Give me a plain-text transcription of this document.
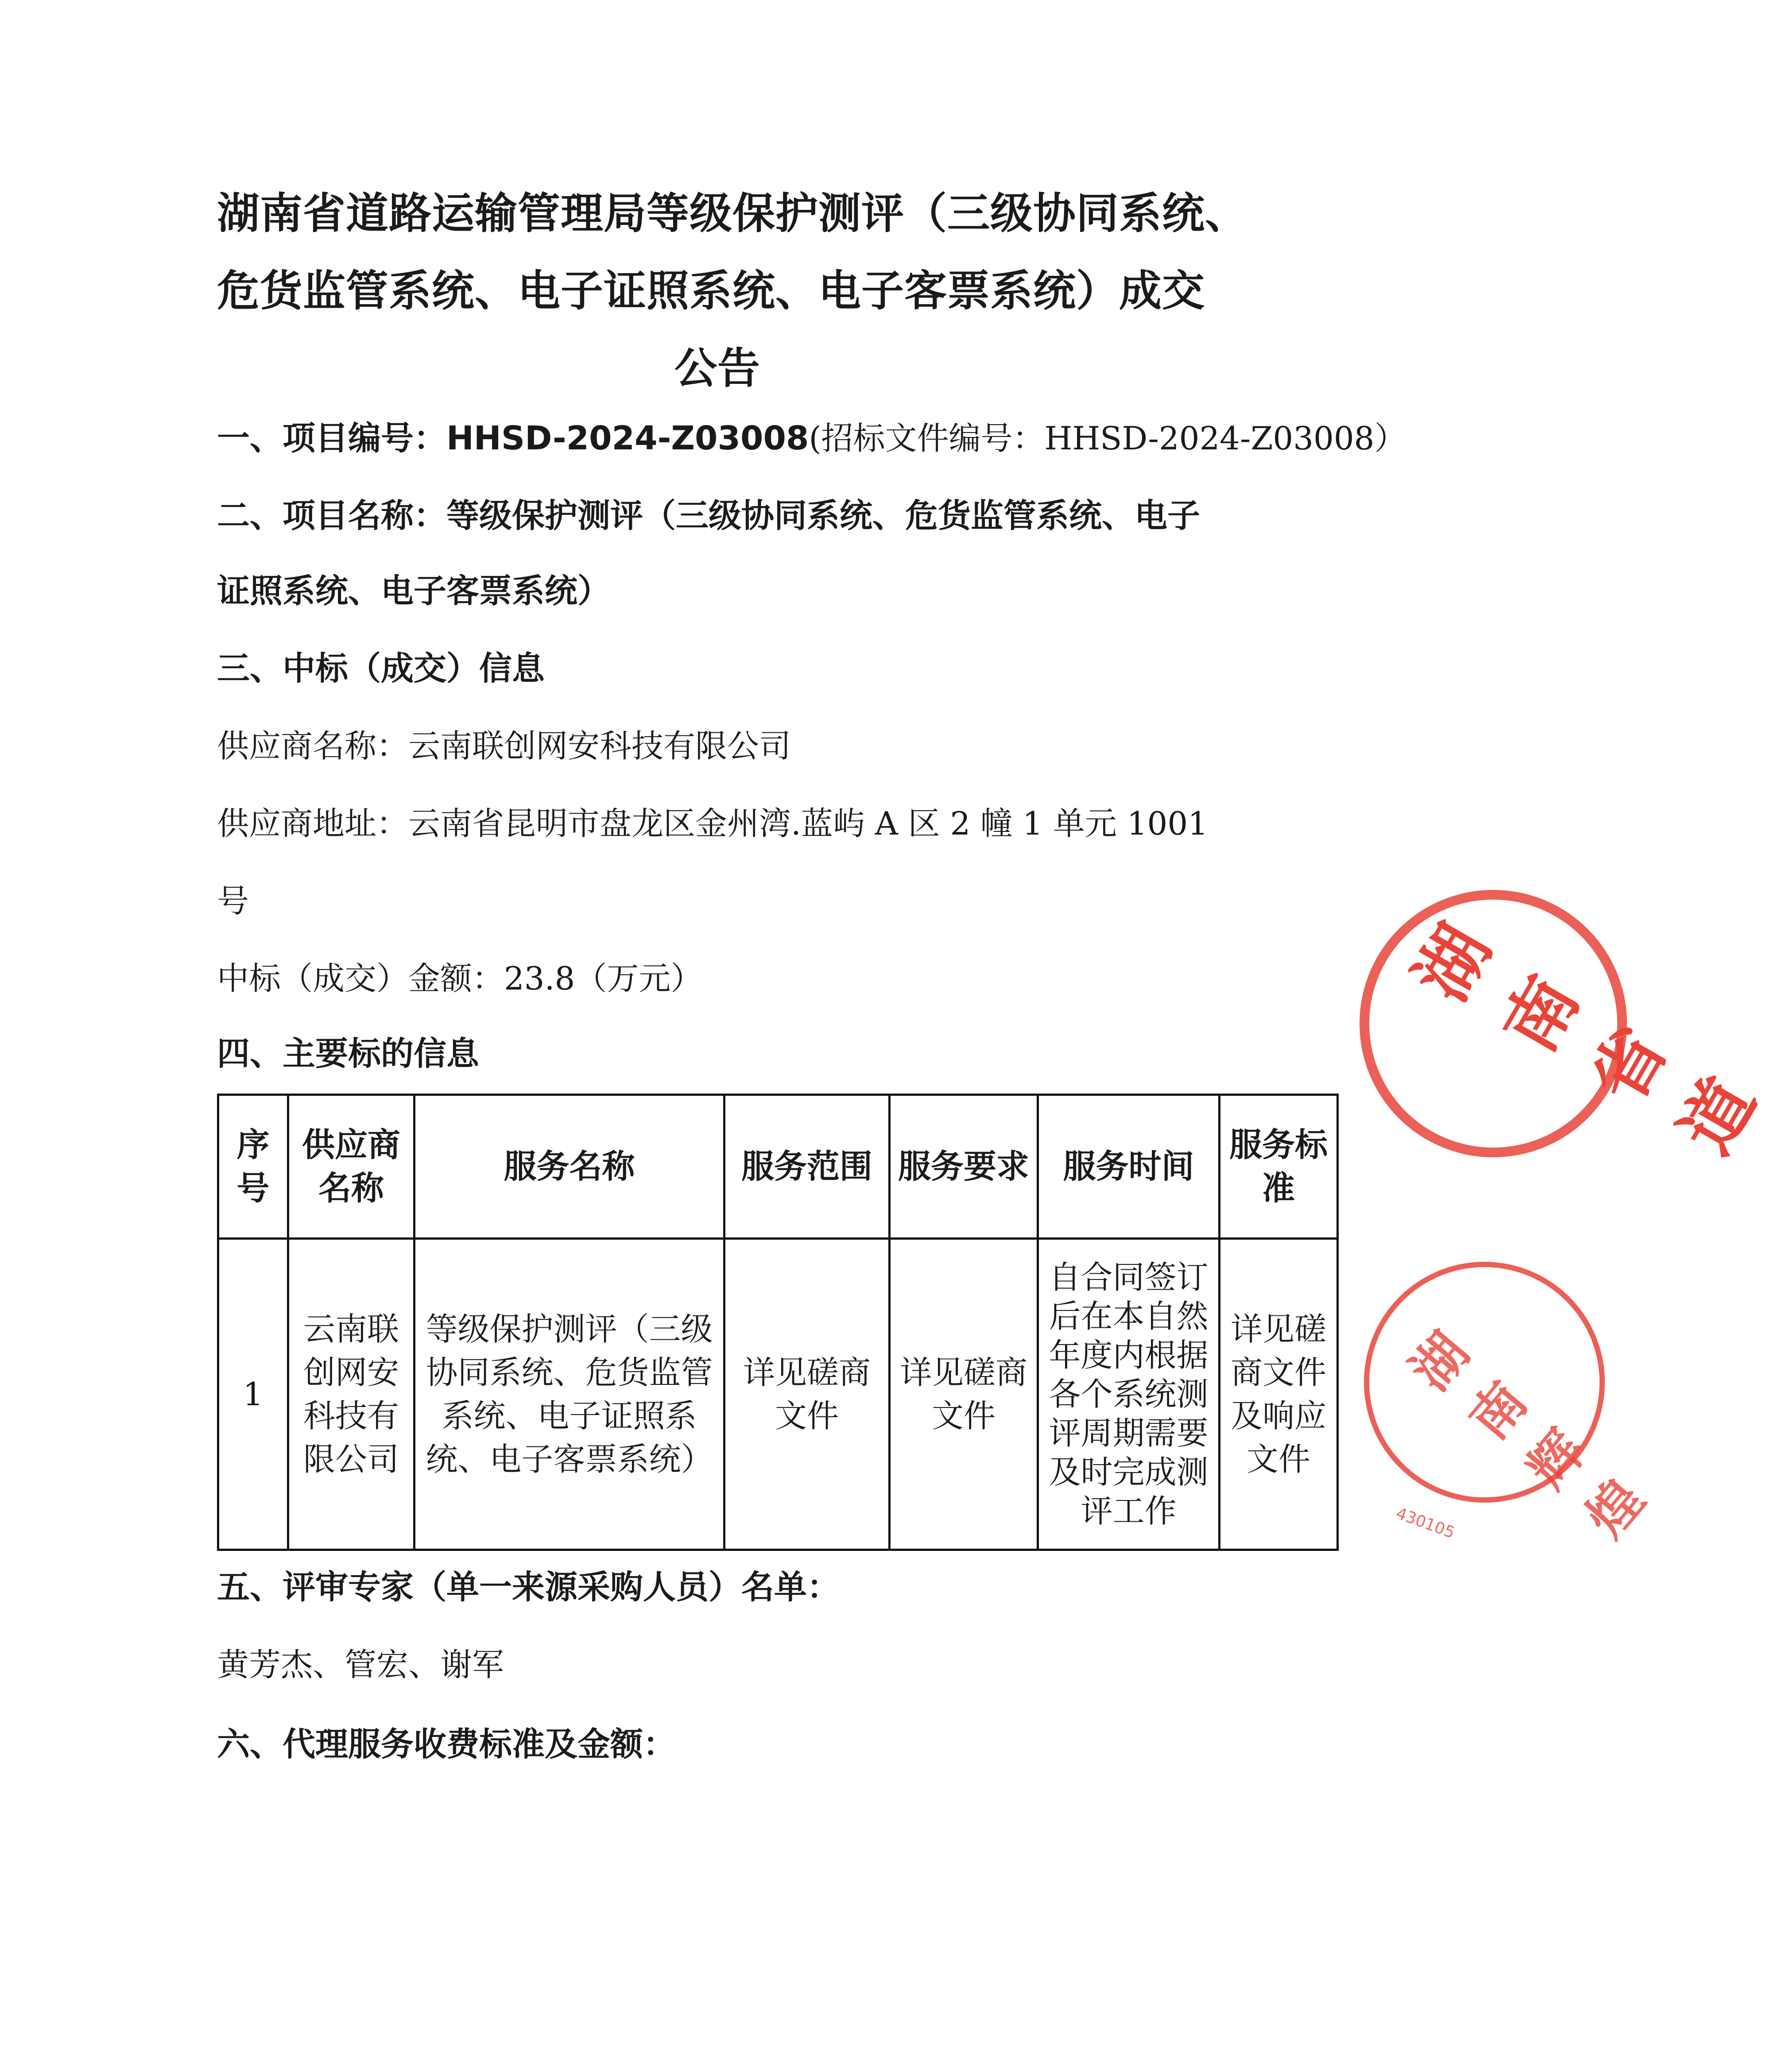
湖南省道路运输管理局等级保护测评（三级协同系统、
危货监管系统、电子证照系统、电子客票系统）成交

公告
一、项目编号：HHSD-2024-Z03008(招标文件编号：HHSD-2024-Z03008）
二、项目名称：等级保护测评（三级协同系统、危货监管系统、电子
证照系统、电子客票系统）
三、中标（成交）信息
供应商名称：云南联创网安科技有限公司
供应商地址：云南省昆明市盘龙区金州湾.蓝屿 A 区 2 幢 1 单元 1001
号
中标（成交）金额：23.8（万元）
四、主要标的信息
序号	供应商名称	服务名称	服务范围	服务要求	服务时间	服务标准
1	云南联创网安科技有限公司	等级保护测评（三级协同系统、危货监管系统、电子证照系统、电子客票系统）	详见磋商文件	详见磋商文件	自合同签订后在本自然年度内根据各个系统测评周期需要及时完成测评工作	详见磋商文件及响应文件
五、评审专家（单一来源采购人员）名单：
黄芳杰、管宏、谢军
六、代理服务收费标准及金额：
湖南省道
湖南辉煌
430105
